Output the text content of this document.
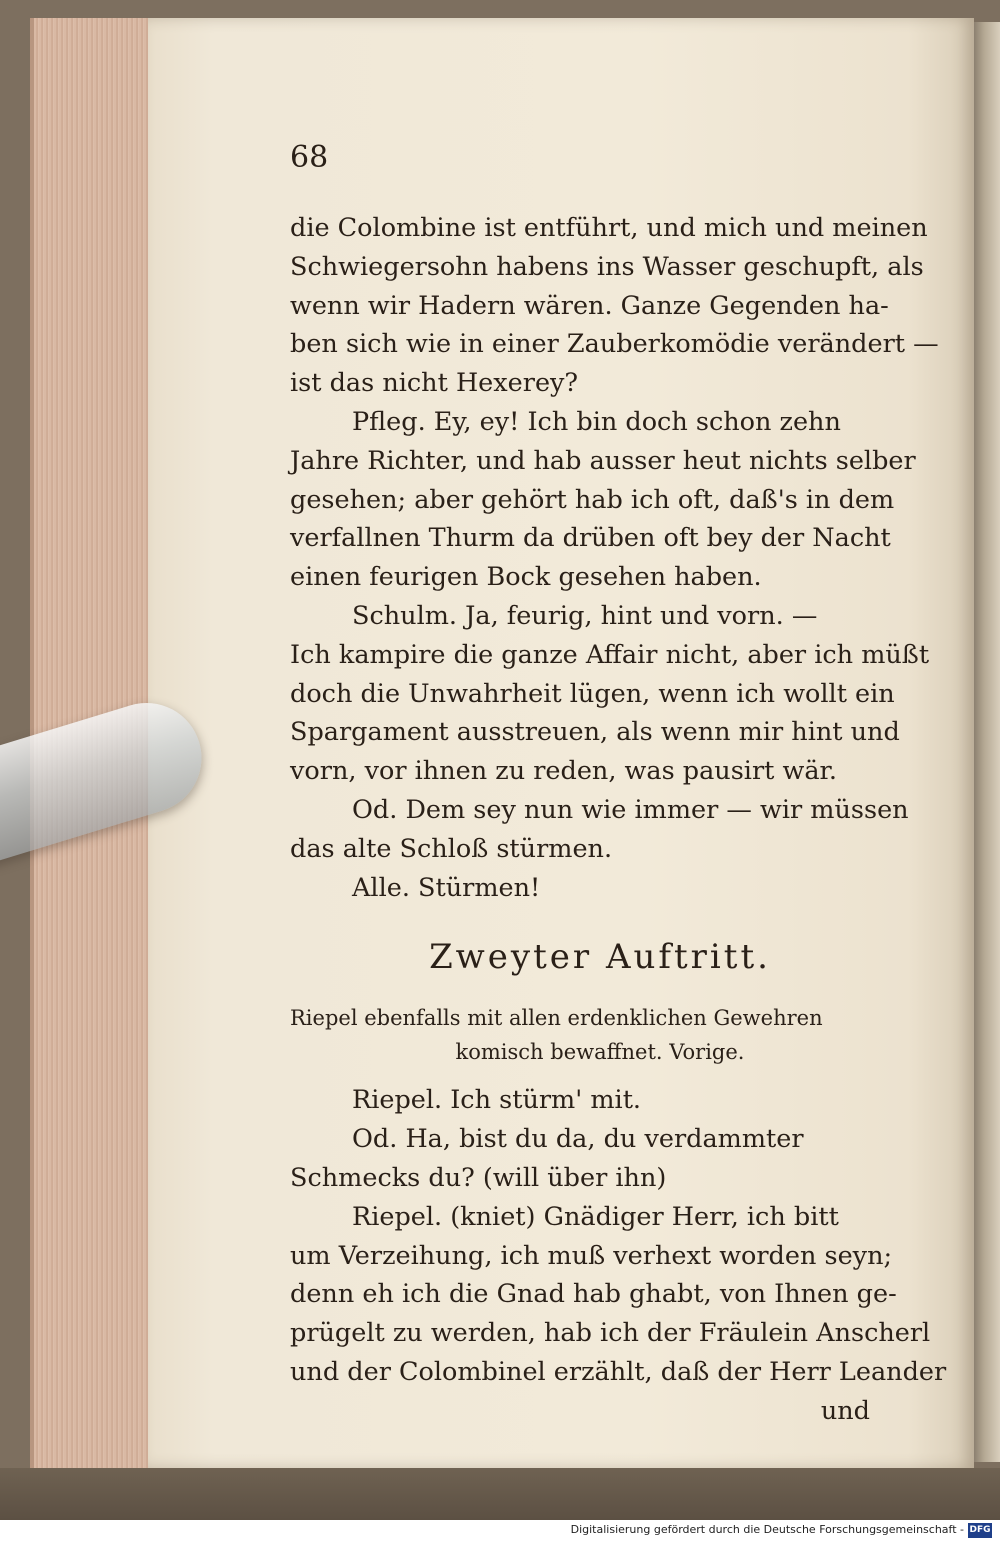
68
die Colombine ist entführt, und mich und meinen
Schwiegersohn habens ins Wasser geschupft, als
wenn wir Hadern wären. Ganze Gegenden ha-
ben sich wie in einer Zauberkomödie verändert —
ist das nicht Hexerey?
Pfleg. Ey, ey! Ich bin doch schon zehn
Jahre Richter, und hab ausser heut nichts selber
gesehen; aber gehört hab ich oft, daß's in dem
verfallnen Thurm da drüben oft bey der Nacht
einen feurigen Bock gesehen haben.
Schulm. Ja, feurig, hint und vorn. —
Ich kampire die ganze Affair nicht, aber ich müßt
doch die Unwahrheit lügen, wenn ich wollt ein
Spargament ausstreuen, als wenn mir hint und
vorn, vor ihnen zu reden, was pausirt wär.
Od. Dem sey nun wie immer — wir müssen
das alte Schloß stürmen.
Alle. Stürmen!
Zweyter Auftritt.
Riepel ebenfalls mit allen erdenklichen Gewehren
komisch bewaffnet. Vorige.
Riepel. Ich stürm' mit.
Od. Ha, bist du da, du verdammter
Schmecks du? (will über ihn)
Riepel. (kniet) Gnädiger Herr, ich bitt
um Verzeihung, ich muß verhext worden seyn;
denn eh ich die Gnad hab ghabt, von Ihnen ge-
prügelt zu werden, hab ich der Fräulein Anscherl
und der Colombinel erzählt, daß der Herr Leander
und
Digitalisierung gefördert durch die Deutsche Forschungsgemeinschaft - DFG
